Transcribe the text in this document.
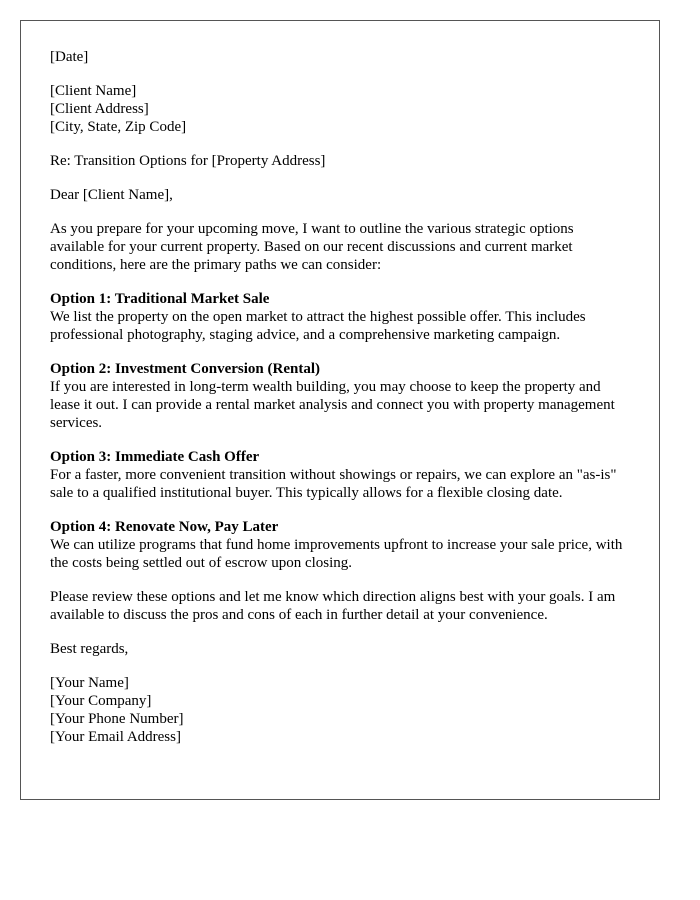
[Date]

[Client Name]
[Client Address]
[City, State, Zip Code]

Re: Transition Options for [Property Address]

Dear [Client Name],

As you prepare for your upcoming move, I want to outline the various strategic options available for your current property. Based on our recent discussions and current market conditions, here are the primary paths we can consider:

Option 1: Traditional Market Sale
We list the property on the open market to attract the highest possible offer. This includes professional photography, staging advice, and a comprehensive marketing campaign.
Option 2: Investment Conversion (Rental)
If you are interested in long-term wealth building, you may choose to keep the property and lease it out. I can provide a rental market analysis and connect you with property management services.
Option 3: Immediate Cash Offer
For a faster, more convenient transition without showings or repairs, we can explore an "as-is" sale to a qualified institutional buyer. This typically allows for a flexible closing date.
Option 4: Renovate Now, Pay Later
We can utilize programs that fund home improvements upfront to increase your sale price, with the costs being settled out of escrow upon closing.

Please review these options and let me know which direction aligns best with your goals. I am available to discuss the pros and cons of each in further detail at your convenience.

Best regards,

[Your Name]
[Your Company]
[Your Phone Number]
[Your Email Address]
